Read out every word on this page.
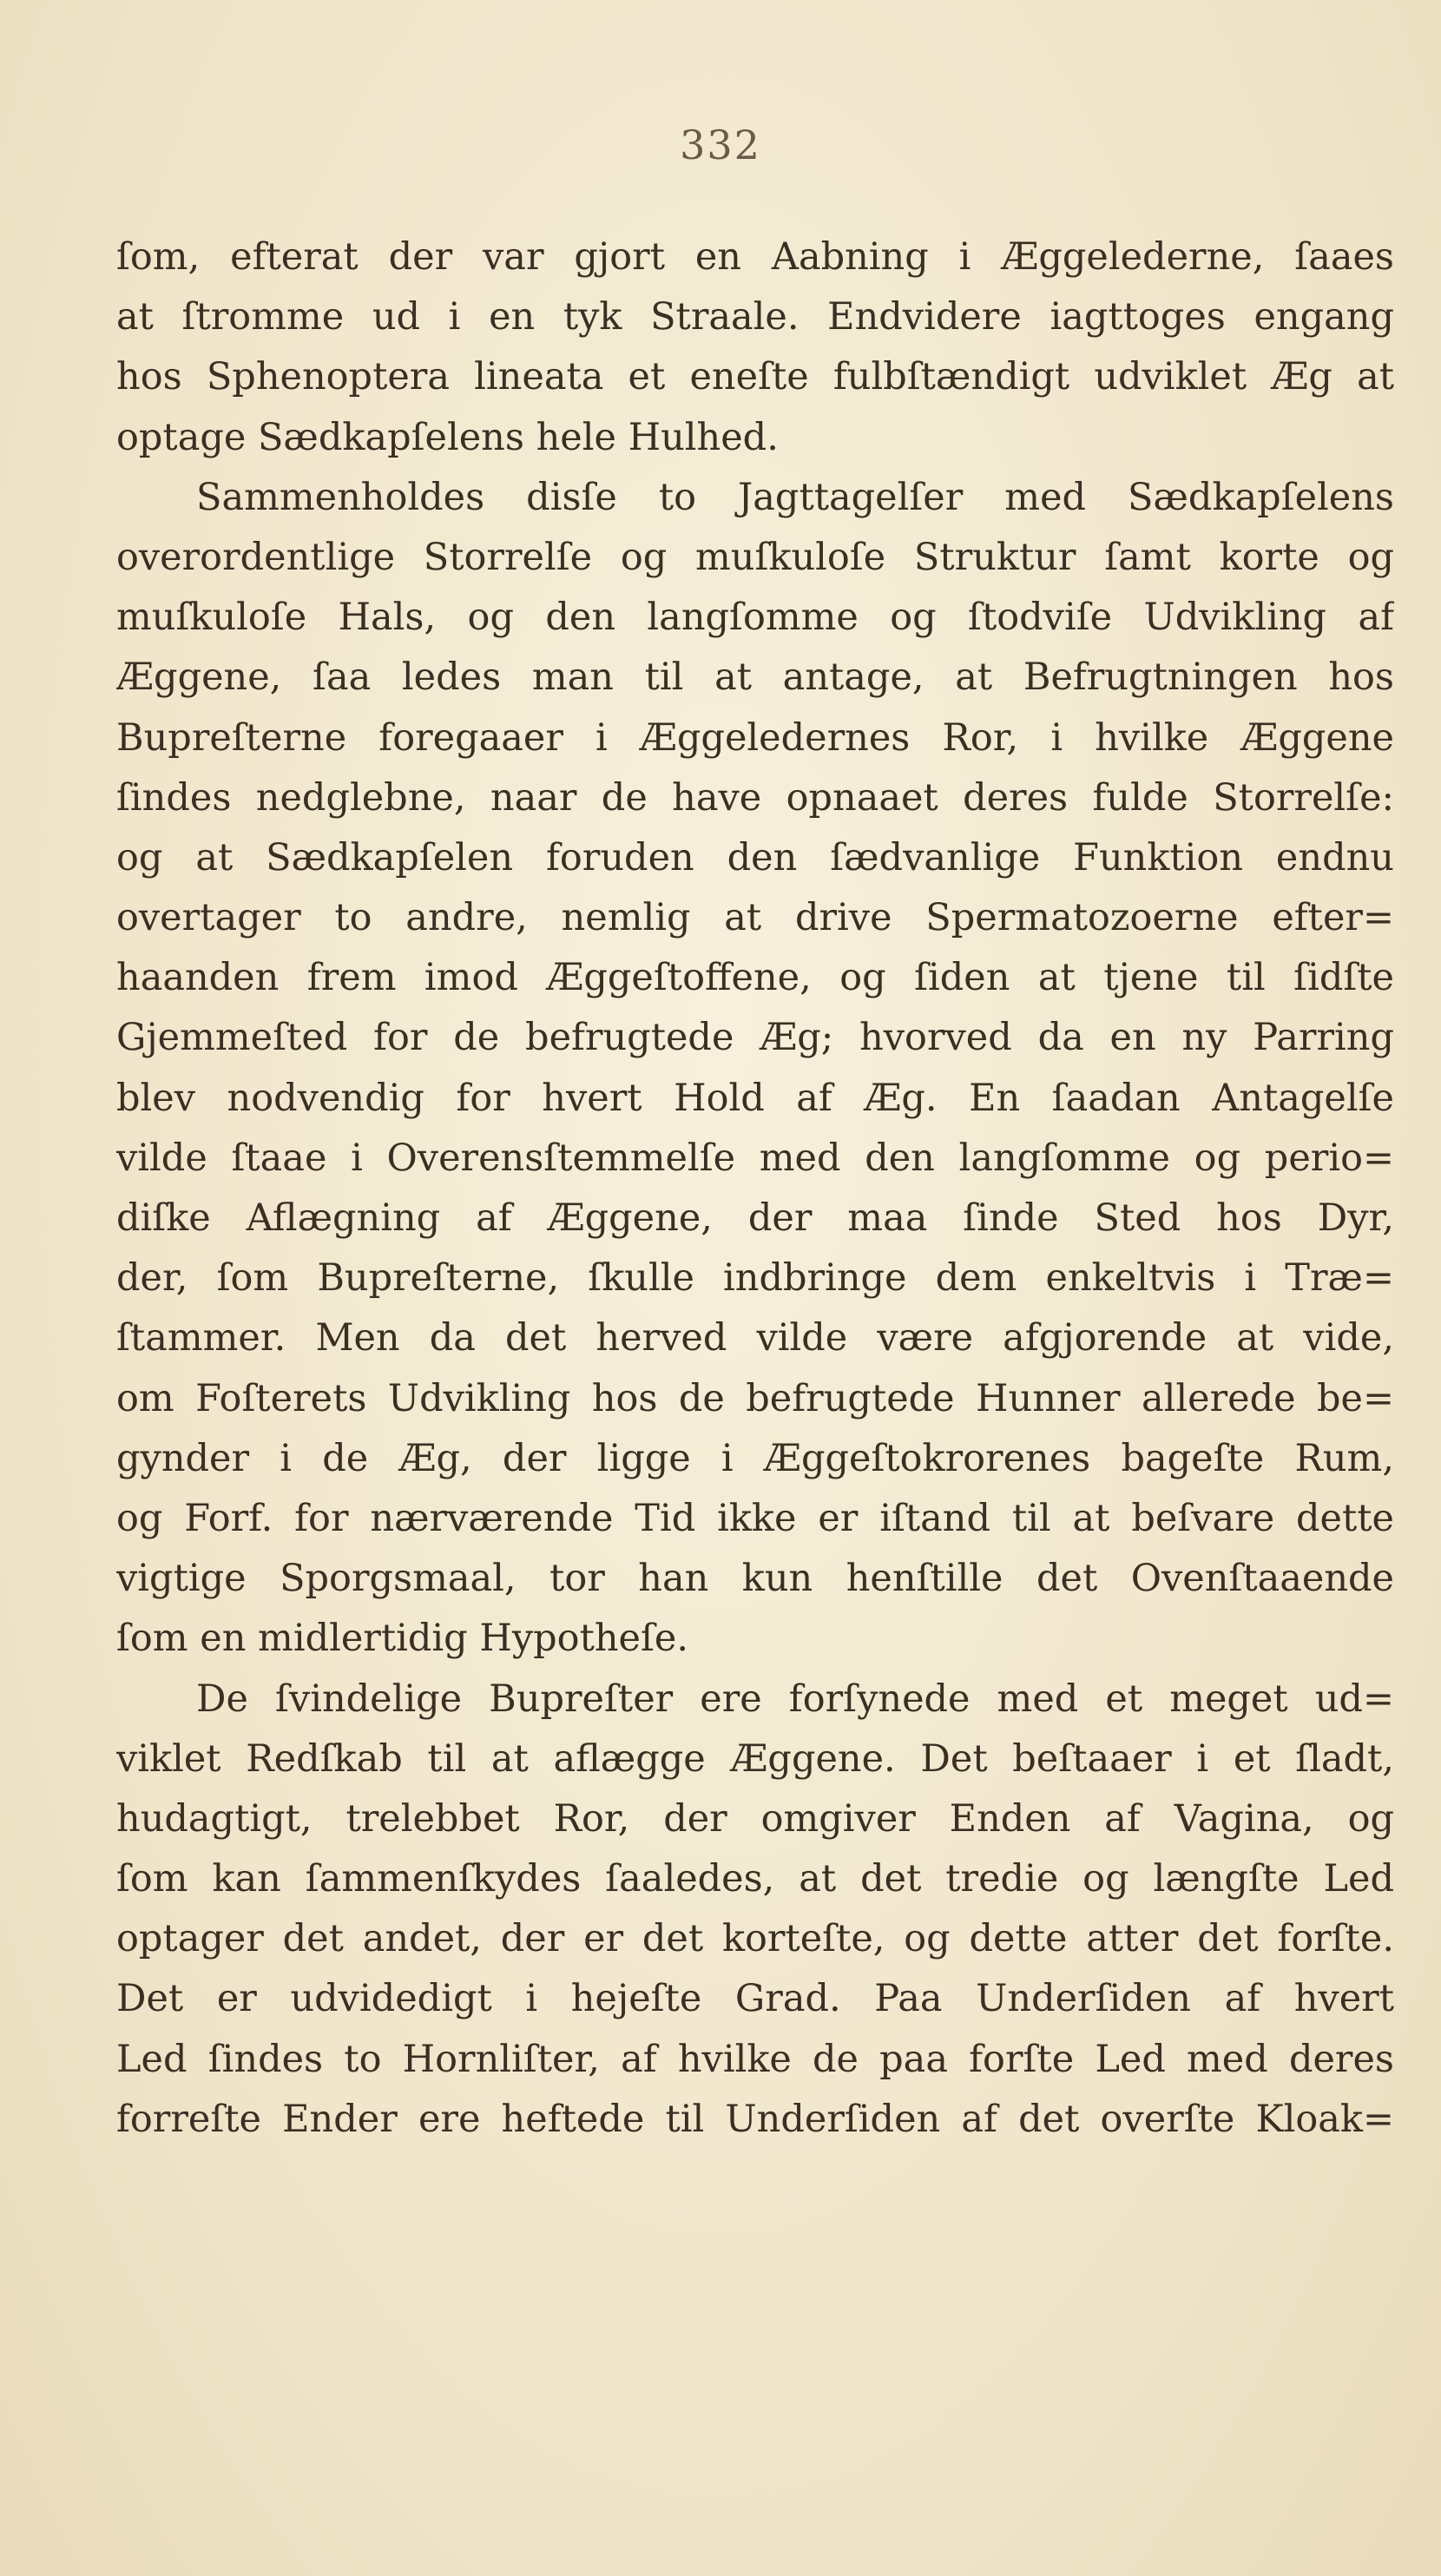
332
ſom, efterat der var gjort en Aabning i Æggelederne, ſaaes
at ſtromme ud i en tyk Straale. Endvidere iagttoges engang
hos Sphenoptera lineata et eneſte fulbſtændigt udviklet Æg at
optage Sædkapſelens hele Hulhed.
Sammenholdes disſe to Jagttagelſer med Sædkapſelens
overordentlige Storrelſe og muſkuloſe Struktur ſamt korte og
muſkuloſe Hals, og den langſomme og ſtodviſe Udvikling af
Æggene, ſaa ledes man til at antage, at Befrugtningen hos
Bupreſterne foregaaer i Æggeledernes Ror, i hvilke Æggene
ſindes nedglebne, naar de have opnaaet deres fulde Storrelſe:
og at Sædkapſelen foruden den ſædvanlige Funktion endnu
overtager to andre, nemlig at drive Spermatozoerne efter=
haanden frem imod Æggeſtoffene, og ſiden at tjene til ſidſte
Gjemmeſted for de befrugtede Æg; hvorved da en ny Parring
blev nodvendig for hvert Hold af Æg. En ſaadan Antagelſe
vilde ſtaae i Overensſtemmelſe med den langſomme og perio=
diſke Aflægning af Æggene, der maa ſinde Sted hos Dyr,
der, ſom Bupreſterne, ſkulle indbringe dem enkeltvis i Træ=
ſtammer. Men da det herved vilde være afgjorende at vide,
om Foſterets Udvikling hos de befrugtede Hunner allerede be=
gynder i de Æg, der ligge i Æggeſtokrorenes bageſte Rum,
og Forf. for nærværende Tid ikke er iſtand til at beſvare dette
vigtige Sporgsmaal, tor han kun henſtille det Ovenſtaaende
ſom en midlertidig Hypotheſe.
De ſvindelige Bupreſter ere forſynede med et meget ud=
viklet Redſkab til at aflægge Æggene. Det beſtaaer i et ſladt,
hudagtigt, trelebbet Ror, der omgiver Enden af Vagina, og
ſom kan ſammenſkydes ſaaledes, at det tredie og længſte Led
optager det andet, der er det korteſte, og dette atter det forſte.
Det er udvidedigt i hejeſte Grad. Paa Underſiden af hvert
Led ſindes to Hornliſter, af hvilke de paa forſte Led med deres
forreſte Ender ere heftede til Underſiden af det overſte Kloak=
